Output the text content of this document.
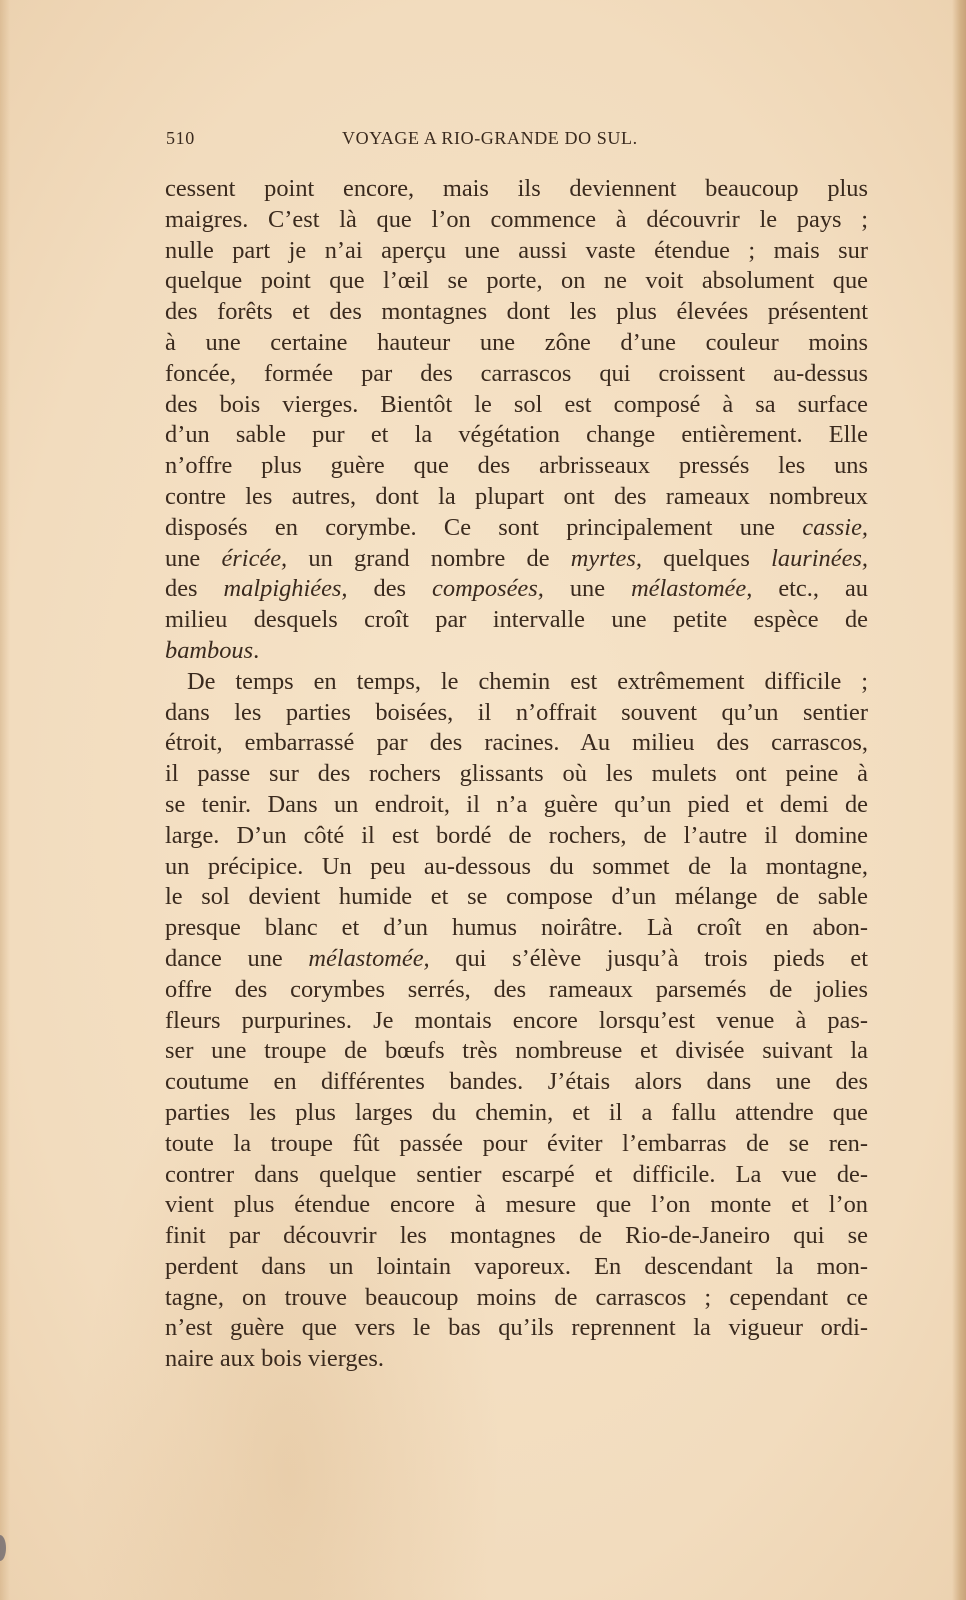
510	VOYAGE A RIO-GRANDE DO SUL.
cessent point encore, mais ils deviennent beaucoup plus
maigres. C’est là que l’on commence à découvrir le pays ;
nulle part je n’ai aperçu une aussi vaste étendue ; mais sur
quelque point que l’œil se porte, on ne voit absolument que
des forêts et des montagnes dont les plus élevées présentent
à une certaine hauteur une zône d’une couleur moins
foncée, formée par des carrascos qui croissent au-dessus
des bois vierges. Bientôt le sol est composé à sa surface
d’un sable pur et la végétation change entièrement. Elle
n’offre plus guère que des arbrisseaux pressés les uns
contre les autres, dont la plupart ont des rameaux nombreux
disposés en corymbe. Ce sont principalement une cassie,
une éricée, un grand nombre de myrtes, quelques laurinées,
des malpighiées, des composées, une mélastomée, etc., au
milieu desquels croît par intervalle une petite espèce de
bambous.
De temps en temps, le chemin est extrêmement difficile ;
dans les parties boisées, il n’offrait souvent qu’un sentier
étroit, embarrassé par des racines. Au milieu des carrascos,
il passe sur des rochers glissants où les mulets ont peine à
se tenir. Dans un endroit, il n’a guère qu’un pied et demi de
large. D’un côté il est bordé de rochers, de l’autre il domine
un précipice. Un peu au-dessous du sommet de la montagne,
le sol devient humide et se compose d’un mélange de sable
presque blanc et d’un humus noirâtre. Là croît en abon-
dance une mélastomée, qui s’élève jusqu’à trois pieds et
offre des corymbes serrés, des rameaux parsemés de jolies
fleurs purpurines. Je montais encore lorsqu’est venue à pas-
ser une troupe de bœufs très nombreuse et divisée suivant la
coutume en différentes bandes. J’étais alors dans une des
parties les plus larges du chemin, et il a fallu attendre que
toute la troupe fût passée pour éviter l’embarras de se ren-
contrer dans quelque sentier escarpé et difficile. La vue de-
vient plus étendue encore à mesure que l’on monte et l’on
finit par découvrir les montagnes de Rio-de-Janeiro qui se
perdent dans un lointain vaporeux. En descendant la mon-
tagne, on trouve beaucoup moins de carrascos ; cependant ce
n’est guère que vers le bas qu’ils reprennent la vigueur ordi-
naire aux bois vierges.
